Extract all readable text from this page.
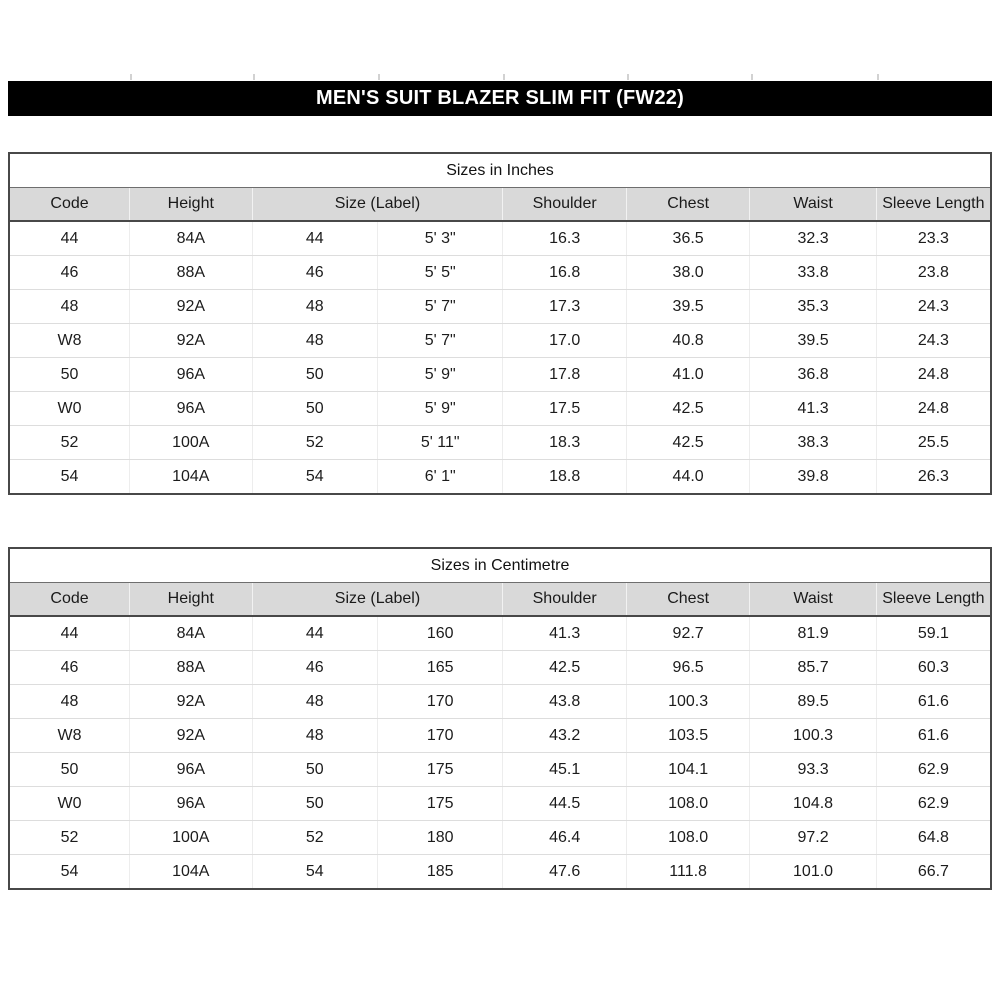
MEN'S SUIT BLAZER SLIM FIT (FW22)
Sizes in Inches
Code	Height	Size (Label)		Shoulder	Chest	Waist	Sleeve Length
44	84A	44	5' 3"	16.3	36.5	32.3	23.3
46	88A	46	5' 5"	16.8	38.0	33.8	23.8
48	92A	48	5' 7"	17.3	39.5	35.3	24.3
W8	92A	48	5' 7"	17.0	40.8	39.5	24.3
50	96A	50	5' 9"	17.8	41.0	36.8	24.8
W0	96A	50	5' 9"	17.5	42.5	41.3	24.8
52	100A	52	5' 11"	18.3	42.5	38.3	25.5
54	104A	54	6' 1"	18.8	44.0	39.8	26.3
Sizes in Centimetre
Code	Height	Size (Label)		Shoulder	Chest	Waist	Sleeve Length
44	84A	44	160	41.3	92.7	81.9	59.1
46	88A	46	165	42.5	96.5	85.7	60.3
48	92A	48	170	43.8	100.3	89.5	61.6
W8	92A	48	170	43.2	103.5	100.3	61.6
50	96A	50	175	45.1	104.1	93.3	62.9
W0	96A	50	175	44.5	108.0	104.8	62.9
52	100A	52	180	46.4	108.0	97.2	64.8
54	104A	54	185	47.6	111.8	101.0	66.7
